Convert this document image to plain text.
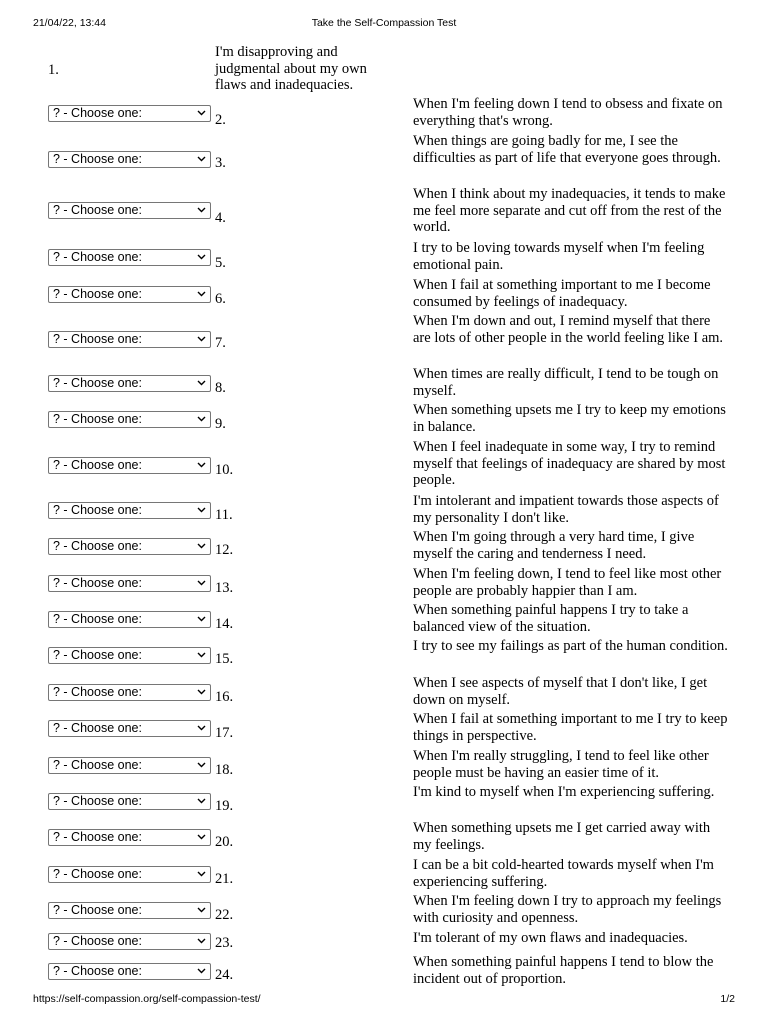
21/04/22, 13:44	Take the Self-Compassion Test
1.
I'm disapproving and judgmental about my own flaws and inadequacies.
? - Choose one:	2.
When I'm feeling down I tend to obsess and fixate on everything that's wrong.
? - Choose one:	3.
When things are going badly for me, I see the difficulties as part of life that everyone goes through.
? - Choose one:	4.
When I think about my inadequacies, it tends to make me feel more separate and cut off from the rest of the world.
? - Choose one:	5.
I try to be loving towards myself when I'm feeling emotional pain.
? - Choose one:	6.
When I fail at something important to me I become consumed by feelings of inadequacy.
? - Choose one:	7.
When I'm down and out, I remind myself that there are lots of other people in the world feeling like I am.
? - Choose one:	8.
When times are really difficult, I tend to be tough on myself.
? - Choose one:	9.
When something upsets me I try to keep my emotions in balance.
? - Choose one:	10.
When I feel inadequate in some way, I try to remind myself that feelings of inadequacy are shared by most people.
? - Choose one:	11.
I'm intolerant and impatient towards those aspects of my personality I don't like.
? - Choose one:	12.
When I'm going through a very hard time, I give myself the caring and tenderness I need.
? - Choose one:	13.
When I'm feeling down, I tend to feel like most other people are probably happier than I am.
? - Choose one:	14.
When something painful happens I try to take a balanced view of the situation.
? - Choose one:	15.
I try to see my failings as part of the human condition.
? - Choose one:	16.
When I see aspects of myself that I don't like, I get down on myself.
? - Choose one:	17.
When I fail at something important to me I try to keep things in perspective.
? - Choose one:	18.
When I'm really struggling, I tend to feel like other people must be having an easier time of it.
? - Choose one:	19.
I'm kind to myself when I'm experiencing suffering.
? - Choose one:	20.
When something upsets me I get carried away with my feelings.
? - Choose one:	21.
I can be a bit cold-hearted towards myself when I'm experiencing suffering.
? - Choose one:	22.
When I'm feeling down I try to approach my feelings with curiosity and openness.
? - Choose one:	23.	I'm tolerant of my own flaws and inadequacies.
? - Choose one:	24.
When something painful happens I tend to blow the incident out of proportion.
https://self-compassion.org/self-compassion-test/	1/2
